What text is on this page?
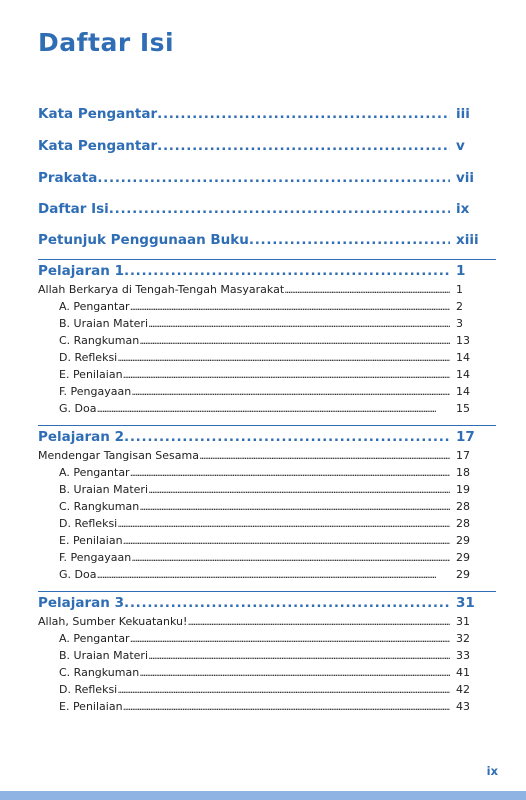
Daftar Isi
Kata Pengantar . . .	iii
Kata Pengantar . . .	v
Prakata . . .	vii
Daftar Isi . . .	ix
Petunjuk Penggunaan Buku . . .	xiii
Pelajaran 1 . . .	1
Allah Berkarya di Tengah-Tengah Masyarakat . . .	1
A. Pengantar . . .	2
B. Uraian Materi . . .	3
C. Rangkuman . . .	13
D. Refleksi . . .	14
E. Penilaian . . .	14
F. Pengayaan . . .	14
G. Doa . . .	15
Pelajaran 2 . . .	17
Mendengar Tangisan Sesama . . .	17
A. Pengantar . . .	18
B. Uraian Materi . . .	19
C. Rangkuman . . .	28
D. Refleksi . . .	28
E. Penilaian . . .	29
F. Pengayaan . . .	29
G. Doa . . .	29
Pelajaran 3 . . .	31
Allah, Sumber Kekuatanku! . . .	31
A. Pengantar . . .	32
B. Uraian Materi . . .	33
C. Rangkuman . . .	41
D. Refleksi . . .	42
E. Penilaian . . .	43
ix
